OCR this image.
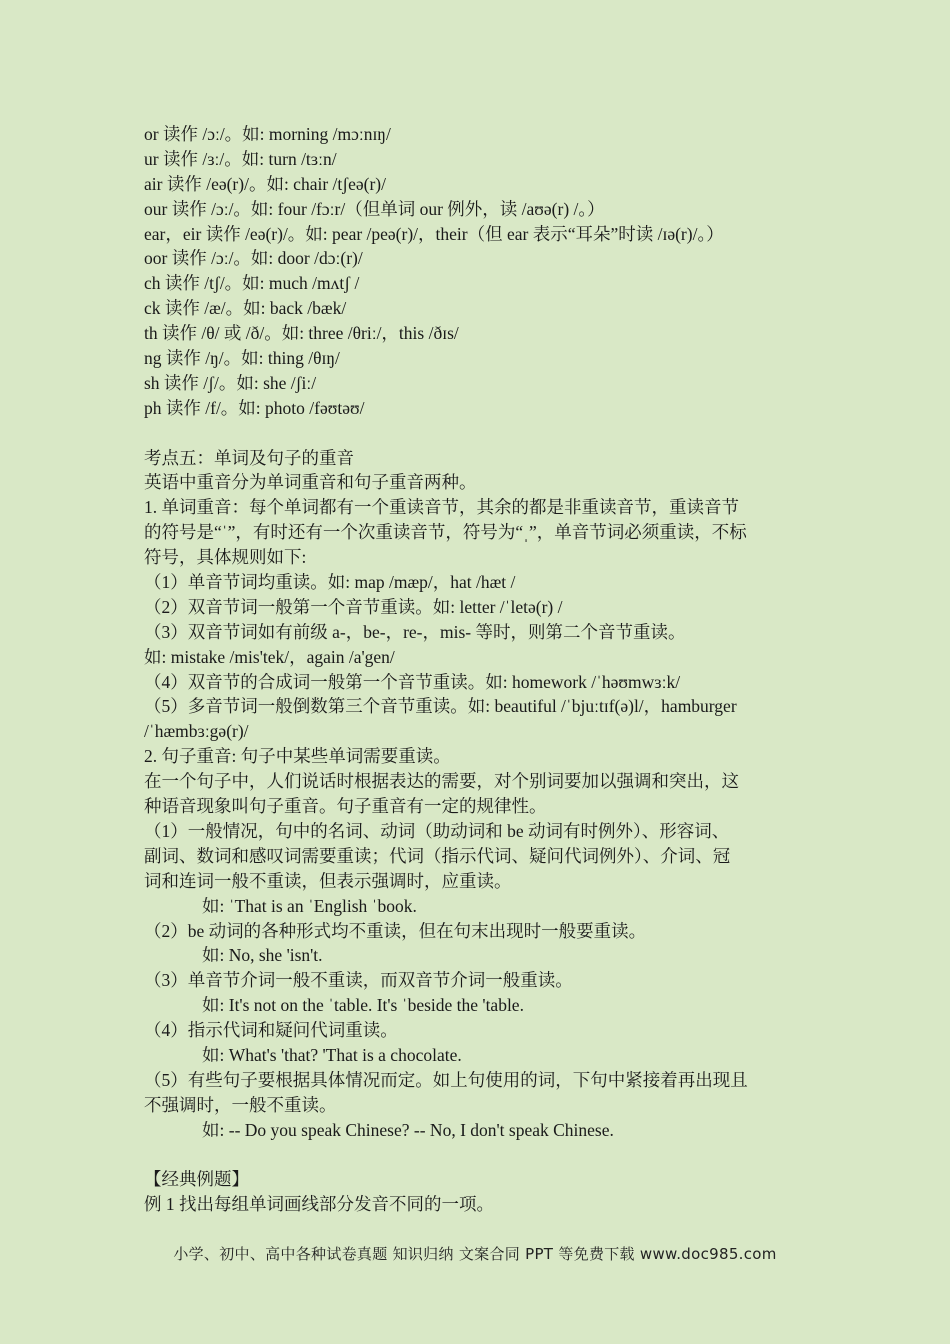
or 读作 /ɔː/。如: morning /mɔːnɪŋ/
ur 读作 /ɜː/。如: turn /tɜːn/
air 读作 /eə(r)/。如: chair /tʃeə(r)/
our 读作 /ɔː/。如: four /fɔːr/（但单词 our 例外，读 /aʊə(r) /。）
ear，eir 读作 /eə(r)/。如: pear /peə(r)/，their（但 ear 表示“耳朵”时读 /ɪə(r)/。）
oor 读作 /ɔː/。如: door /dɔː(r)/
ch 读作 /tʃ/。如: much /mʌtʃ /
ck 读作 /æ/。如: back /bæk/
th 读作 /θ/ 或 /ð/。如: three /θriː/，this /ðɪs/
ng 读作 /ŋ/。如: thing /θɪŋ/
sh 读作 /ʃ/。如: she /ʃiː/
ph 读作 /f/。如: photo /fəʊtəʊ/
考点五：单词及句子的重音
英语中重音分为单词重音和句子重音两种。
1. 单词重音：每个单词都有一个重读音节，其余的都是非重读音节，重读音节
的符号是“ˈ”，有时还有一个次重读音节，符号为“ˌ”，单音节词必须重读，不标
符号，具体规则如下:
（1）单音节词均重读。如: map /mæp/，hat /hæt /
（2）双音节词一般第一个音节重读。如: letter /ˈletə(r) /
（3）双音节词如有前级 a-，be-，re-，mis- 等时，则第二个音节重读。
如: mistake /mis'tek/，again /a'gen/
（4）双音节的合成词一般第一个音节重读。如: homework /ˈhəʊmwɜːk/
（5）多音节词一般倒数第三个音节重读。如: beautiful /ˈbjuːtɪf(ə)l/，hamburger
/ˈhæmbɜːgə(r)/
2. 句子重音: 句子中某些单词需要重读。
在一个句子中，人们说话时根据表达的需要，对个别词要加以强调和突出，这
种语音现象叫句子重音。句子重音有一定的规律性。
（1）一般情况，句中的名词、动词（助动词和 be 动词有时例外）、形容词、
副词、数词和感叹词需要重读；代词（指示代词、疑问代词例外）、介词、冠
词和连词一般不重读，但表示强调时，应重读。
如: ˈThat is an ˈEnglish ˈbook.
（2）be 动词的各种形式均不重读，但在句末出现时一般要重读。
如: No, she 'isn't.
（3）单音节介词一般不重读，而双音节介词一般重读。
如: It's not on the ˈtable. It's ˈbeside the 'table.
（4）指示代词和疑问代词重读。
如: What's 'that? 'That is a chocolate.
（5）有些句子要根据具体情况而定。如上句使用的词，下句中紧接着再出现且
不强调时，一般不重读。
如: -- Do you speak Chinese? -- No, I don't speak Chinese.
【经典例题】
例 1 找出每组单词画线部分发音不同的一项。
小学、初中、高中各种试卷真题 知识归纳 文案合同 PPT 等免费下载 www.doc985.com
